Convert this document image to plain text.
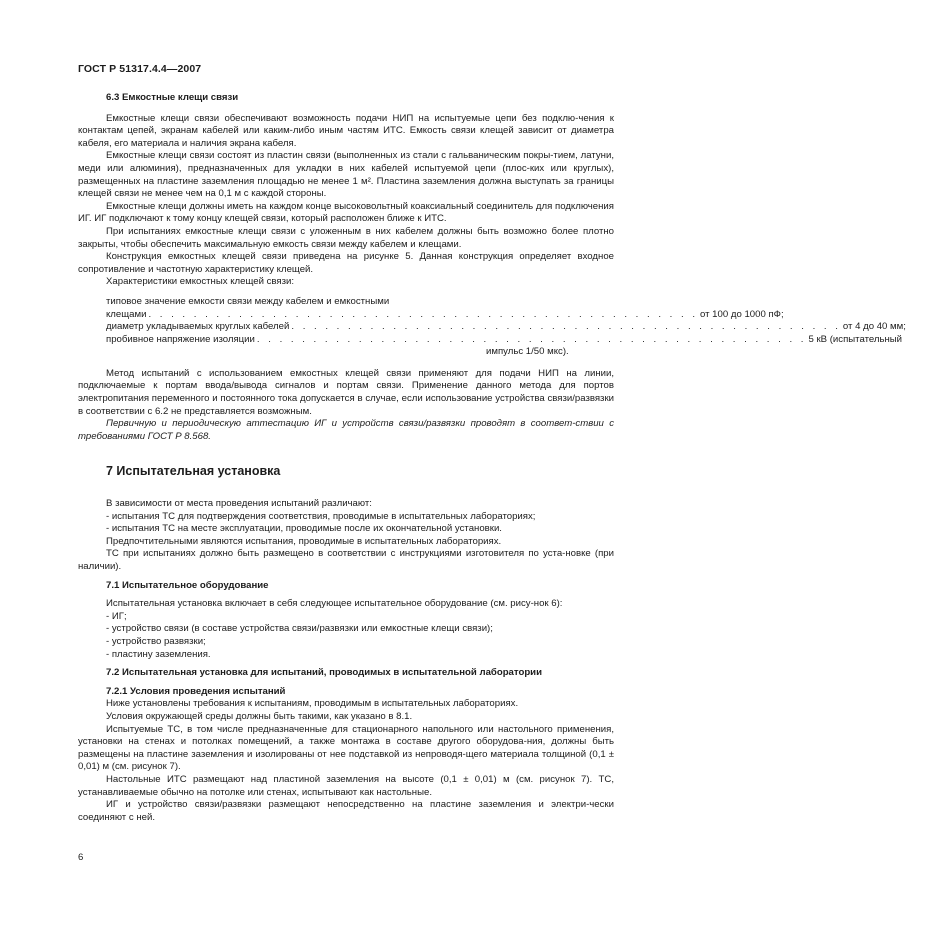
ГОСТ Р 51317.4.4—2007

6.3 Емкостные клещи связи

Емкостные клещи связи обеспечивают возможность подачи НИП на испытуемые цепи без подклю-чения к контактам цепей, экранам кабелей или каким-либо иным частям ИТС. Емкость связи клещей зависит от диаметра кабеля, его материала и наличия экрана кабеля.

Емкостные клещи связи состоят из пластин связи (выполненных из стали с гальваническим покры-тием, латуни, меди или алюминия), предназначенных для укладки в них кабелей испытуемой цепи (плос-ких или круглых), размещенных на пластине заземления площадью не менее 1 м². Пластина заземления должна выступать за границы клещей связи не менее чем на 0,1 м с каждой стороны.

Емкостные клещи должны иметь на каждом конце высоковольтный коаксиальный соединитель для подключения ИГ. ИГ подключают к тому концу клещей связи, который расположен ближе к ИТС.

При испытаниях емкостные клещи связи с уложенным в них кабелем должны быть возможно более плотно закрыты, чтобы обеспечить максимальную емкость связи между кабелем и клещами.

Конструкция емкостных клещей связи приведена на рисунке 5. Данная конструкция определяет входное сопротивление и частотную характеристику клещей.

Характеристики емкостных клещей связи:

типовое значение емкости связи между кабелем и емкостными
клещами . . . . . . . . . . . . . . . . . . . . . . . . . . . . . . . . . . . . . . . . . . . . . . . . . от 100 до 1000 пФ;
диаметр укладываемых круглых кабелей . . . . . . . . . . . . . . . . . . . . . . . . . . . . . . . . . . . . . . . . . . . . . . . . . от 4 до 40 мм;
пробивное напряжение изоляции . . . . . . . . . . . . . . . . . . . . . . . . . . . . . . . . . . . . . . . . . . . . . . . . . 5 кВ (испытательный
импульс 1/50 мкс).

Метод испытаний с использованием емкостных клещей связи применяют для подачи НИП на линии, подключаемые к портам ввода/вывода сигналов и портам связи. Применение данного метода для портов электропитания переменного и постоянного тока допускается в случае, если использование устройства связи/развязки в соответствии с 6.2 не представляется возможным.

Первичную и периодическую аттестацию ИГ и устройств связи/развязки проводят в соответ-ствии с требованиями ГОСТ Р 8.568.

7 Испытательная установка

В зависимости от места проведения испытаний различают:

- испытания ТС для подтверждения соответствия, проводимые в испытательных лабораториях;

- испытания ТС на месте эксплуатации, проводимые после их окончательной установки.

Предпочтительными являются испытания, проводимые в испытательных лабораториях.

ТС при испытаниях должно быть размещено в соответствии с инструкциями изготовителя по уста-новке (при наличии).

7.1 Испытательное оборудование

Испытательная установка включает в себя следующее испытательное оборудование (см. рису-нок 6):

- ИГ;

- устройство связи (в составе устройства связи/развязки или емкостные клещи связи);

- устройство развязки;

- пластину заземления.

7.2 Испытательная установка для испытаний, проводимых в испытательной лаборатории

7.2.1 Условия проведения испытаний

Ниже установлены требования к испытаниям, проводимым в испытательных лабораториях.

Условия окружающей среды должны быть такими, как указано в 8.1.

Испытуемые ТС, в том числе предназначенные для стационарного напольного или настольного применения, установки на стенах и потолках помещений, а также монтажа в составе другого оборудова-ния, должны быть размещены на пластине заземления и изолированы от нее подставкой из непроводя-щего материала толщиной (0,1 ± 0,01) м (см. рисунок 7).

Настольные ИТС размещают над пластиной заземления на высоте (0,1 ± 0,01) м (см. рисунок 7). ТС, устанавливаемые обычно на потолке или стенах, испытывают как настольные.

ИГ и устройство связи/развязки размещают непосредственно на пластине заземления и электри-чески соединяют с ней.

6
